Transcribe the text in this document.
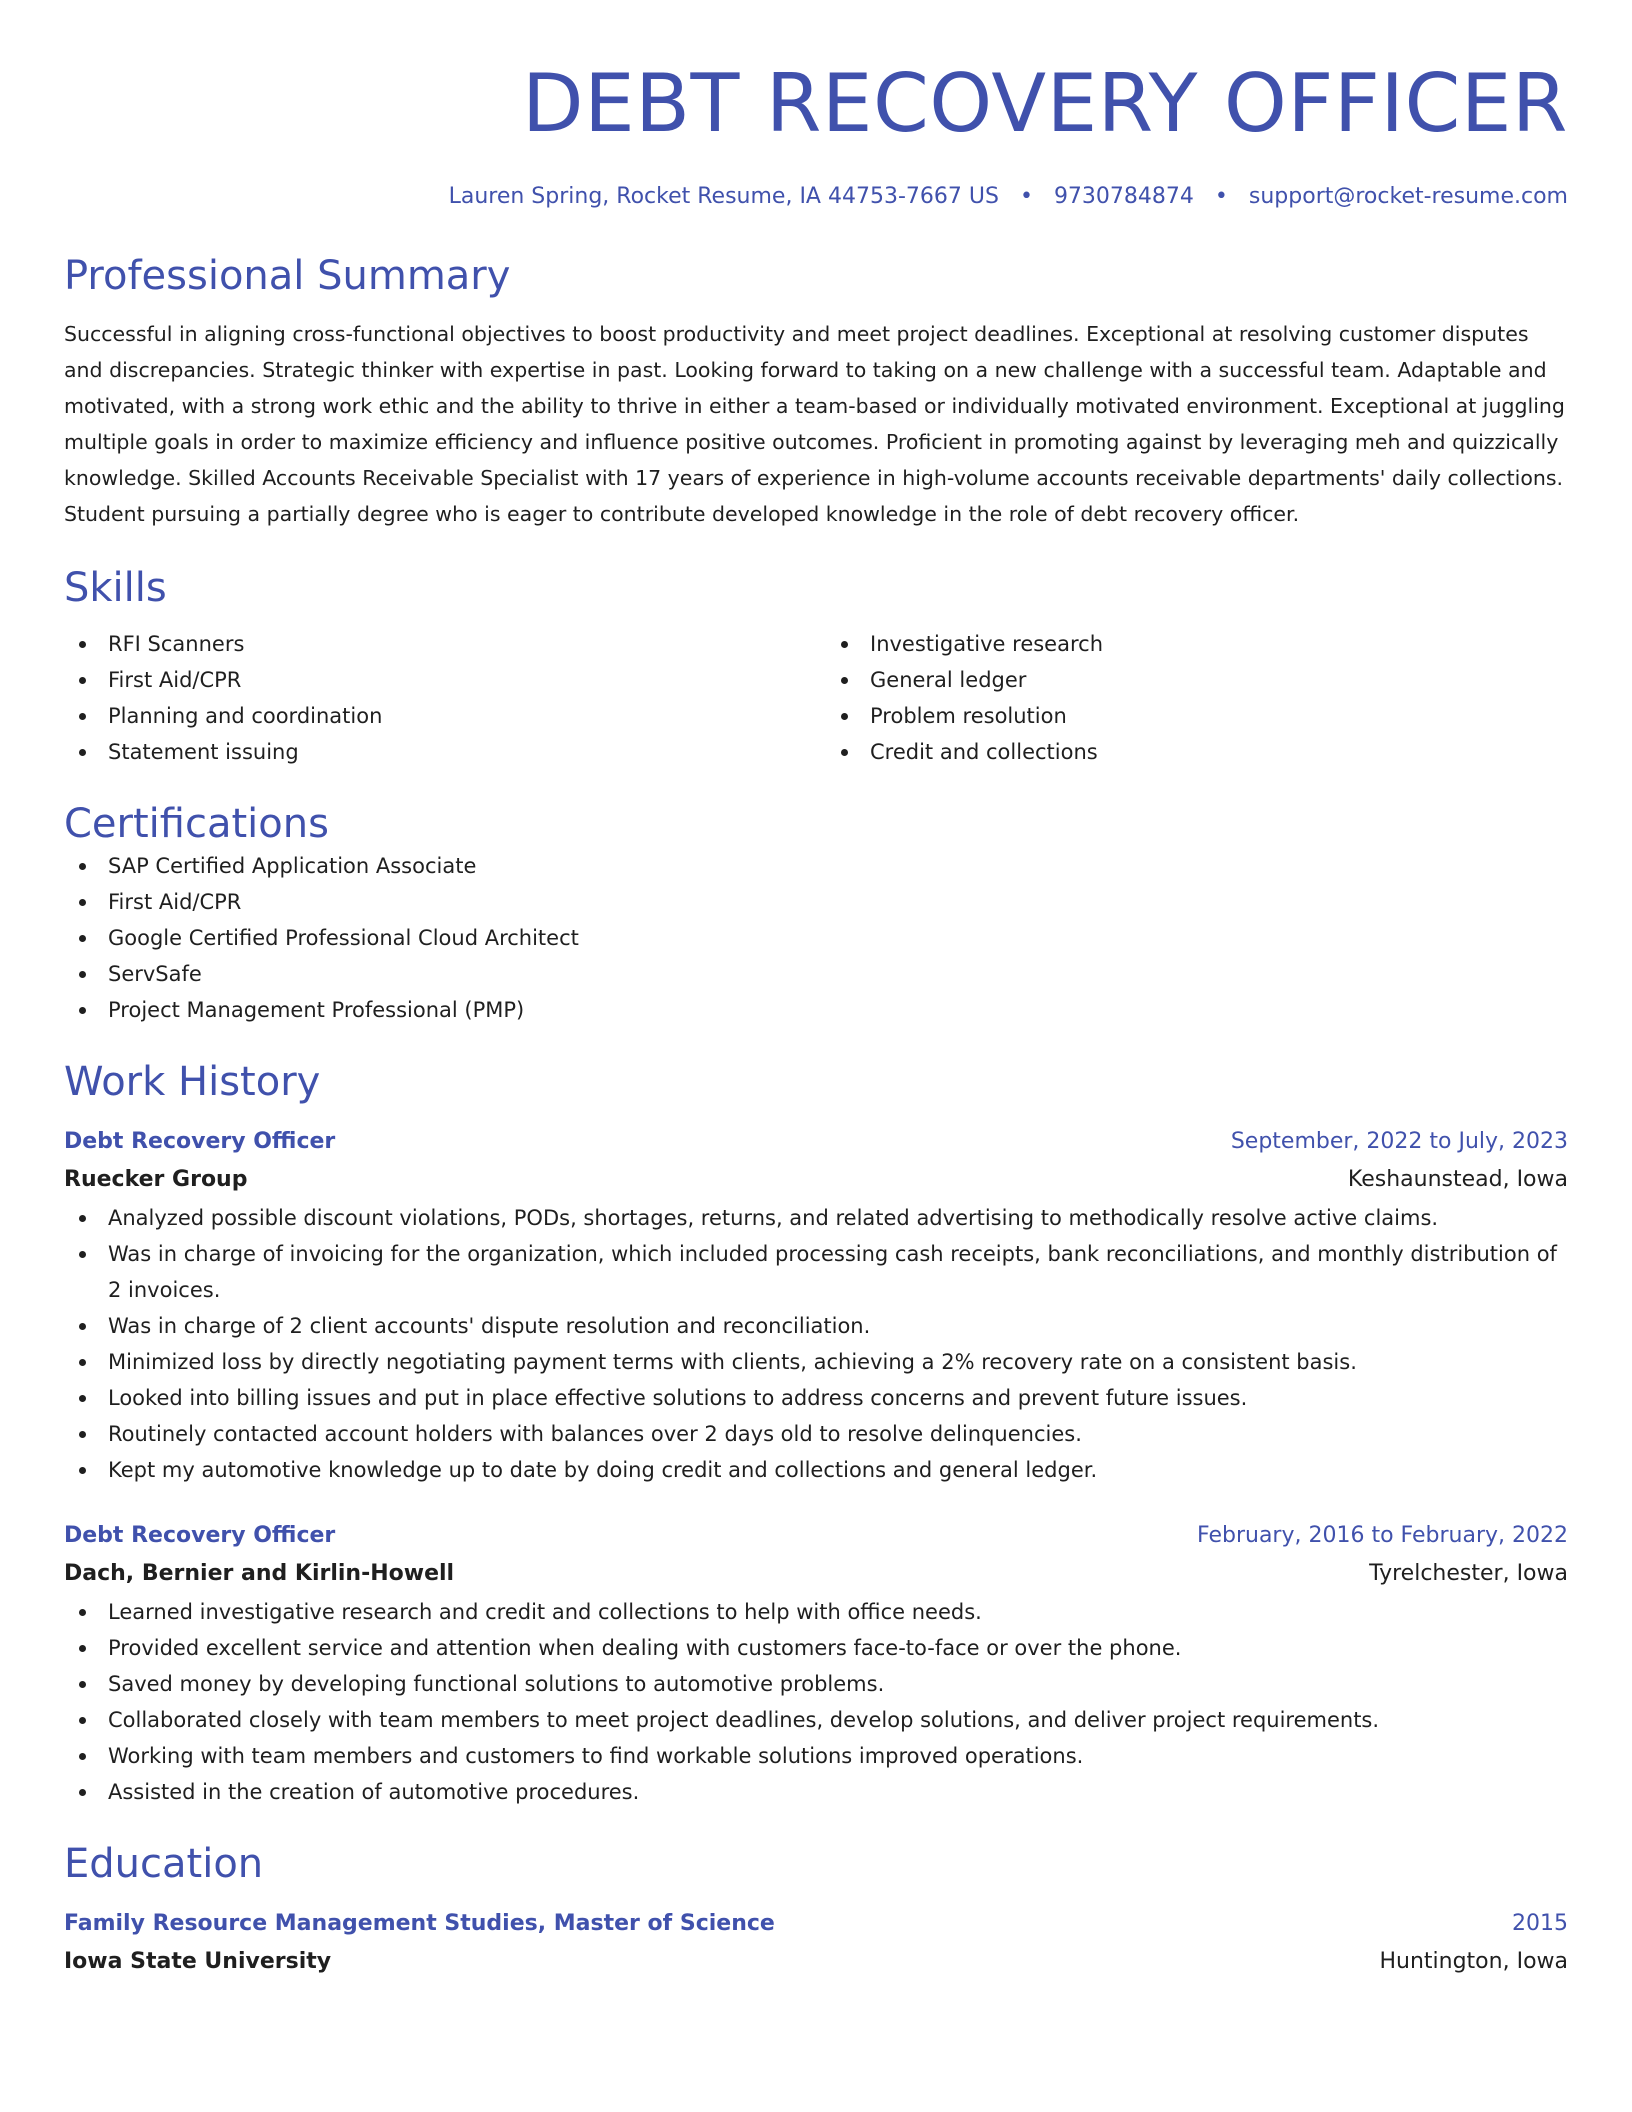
DEBT RECOVERY OFFICER
Lauren Spring, Rocket Resume, IA 44753-7667 US • 9730784874 • support@rocket-resume.com
Professional Summary
Successful in aligning cross-functional objectives to boost productivity and meet project deadlines. Exceptional at resolving customer disputes and discrepancies. Strategic thinker with expertise in past. Looking forward to taking on a new challenge with a successful team. Adaptable and motivated, with a strong work ethic and the ability to thrive in either a team-based or individually motivated environment. Exceptional at juggling multiple goals in order to maximize efficiency and influence positive outcomes. Proficient in promoting against by leveraging meh and quizzically knowledge. Skilled Accounts Receivable Specialist with 17 years of experience in high-volume accounts receivable departments' daily collections. Student pursuing a partially degree who is eager to contribute developed knowledge in the role of debt recovery officer.
Skills
RFI Scanners
First Aid/CPR
Planning and coordination
Statement issuing
Investigative research
General ledger
Problem resolution
Credit and collections
Certifications
SAP Certified Application Associate
First Aid/CPR
Google Certified Professional Cloud Architect
ServSafe
Project Management Professional (PMP)
Work History
Debt Recovery Officer	September, 2022 to July, 2023
Ruecker Group	Keshaunstead, Iowa
Analyzed possible discount violations, PODs, shortages, returns, and related advertising to methodically resolve active claims.
Was in charge of invoicing for the organization, which included processing cash receipts, bank reconciliations, and monthly distribution of 2 invoices.
Was in charge of 2 client accounts' dispute resolution and reconciliation.
Minimized loss by directly negotiating payment terms with clients, achieving a 2% recovery rate on a consistent basis.
Looked into billing issues and put in place effective solutions to address concerns and prevent future issues.
Routinely contacted account holders with balances over 2 days old to resolve delinquencies.
Kept my automotive knowledge up to date by doing credit and collections and general ledger.
Debt Recovery Officer	February, 2016 to February, 2022
Dach, Bernier and Kirlin-Howell	Tyrelchester, Iowa
Learned investigative research and credit and collections to help with office needs.
Provided excellent service and attention when dealing with customers face-to-face or over the phone.
Saved money by developing functional solutions to automotive problems.
Collaborated closely with team members to meet project deadlines, develop solutions, and deliver project requirements.
Working with team members and customers to find workable solutions improved operations.
Assisted in the creation of automotive procedures.
Education
Family Resource Management Studies, Master of Science	2015
Iowa State University	Huntington, Iowa
